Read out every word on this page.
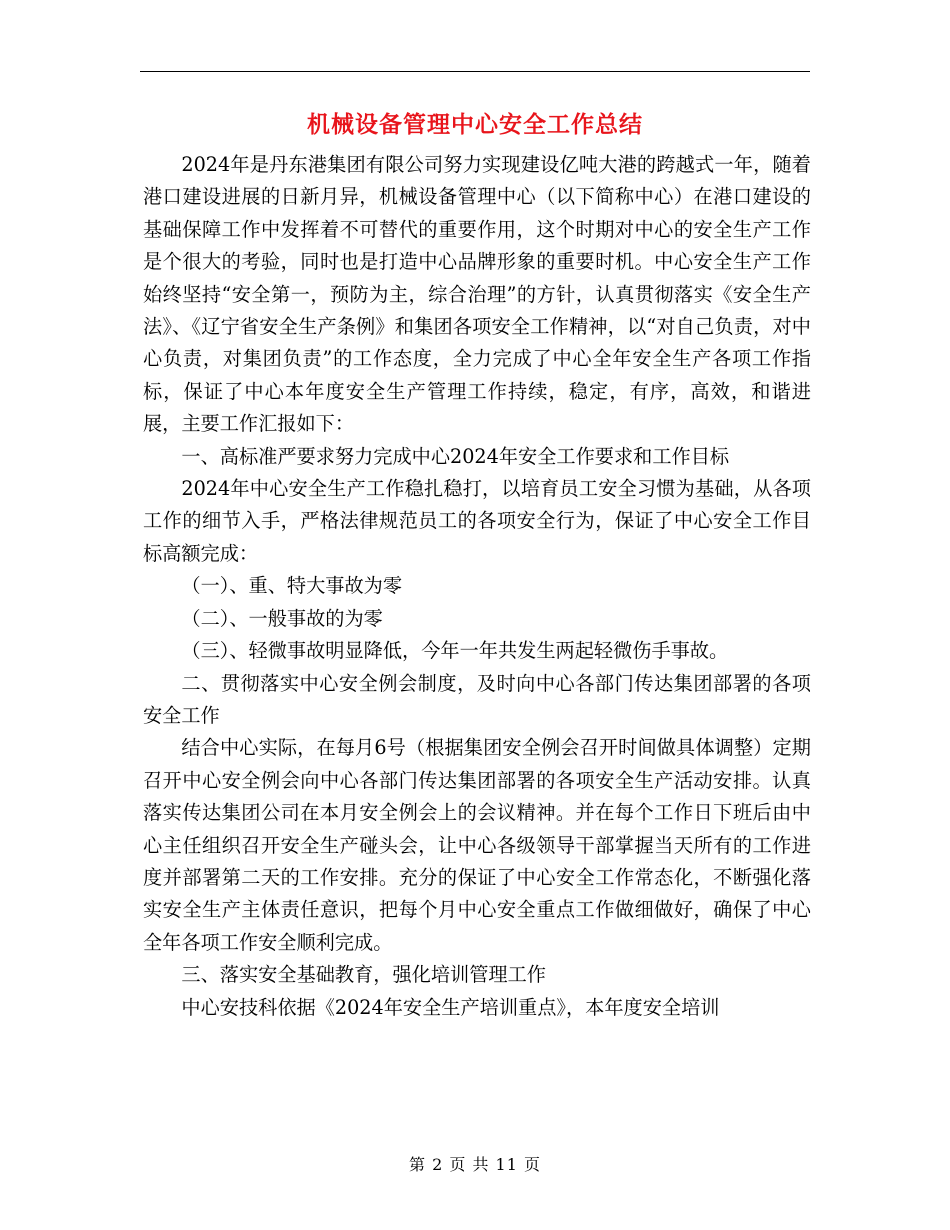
机械设备管理中心安全工作总结

2024年是丹东港集团有限公司努力实现建设亿吨大港的跨越式一年，随着港口建设进展的日新月异，机械设备管理中心（以下简称中心）在港口建设的基础保障工作中发挥着不可替代的重要作用，这个时期对中心的安全生产工作是个很大的考验，同时也是打造中心品牌形象的重要时机。中心安全生产工作始终坚持“安全第一，预防为主，综合治理”的方针，认真贯彻落实《安全生产法》、《辽宁省安全生产条例》和集团各项安全工作精神，以“对自己负责，对中心负责，对集团负责”的工作态度，全力完成了中心全年安全生产各项工作指标，保证了中心本年度安全生产管理工作持续，稳定，有序，高效，和谐进展，主要工作汇报如下：

一、高标准严要求努力完成中心2024年安全工作要求和工作目标

2024年中心安全生产工作稳扎稳打，以培育员工安全习惯为基础，从各项工作的细节入手，严格法律规范员工的各项安全行为，保证了中心安全工作目标高额完成：

（一）、重、特大事故为零

（二）、一般事故的为零

（三）、轻微事故明显降低，今年一年共发生两起轻微伤手事故。

二、贯彻落实中心安全例会制度，及时向中心各部门传达集团部署的各项安全工作

结合中心实际，在每月6号（根据集团安全例会召开时间做具体调整）定期召开中心安全例会向中心各部门传达集团部署的各项安全生产活动安排。认真落实传达集团公司在本月安全例会上的会议精神。并在每个工作日下班后由中心主任组织召开安全生产碰头会，让中心各级领导干部掌握当天所有的工作进度并部署第二天的工作安排。充分的保证了中心安全工作常态化，不断强化落实安全生产主体责任意识，把每个月中心安全重点工作做细做好，确保了中心全年各项工作安全顺利完成。

三、落实安全基础教育，强化培训管理工作

中心安技科依据《2024年安全生产培训重点》，本年度安全培训

第 2 页 共 11 页
